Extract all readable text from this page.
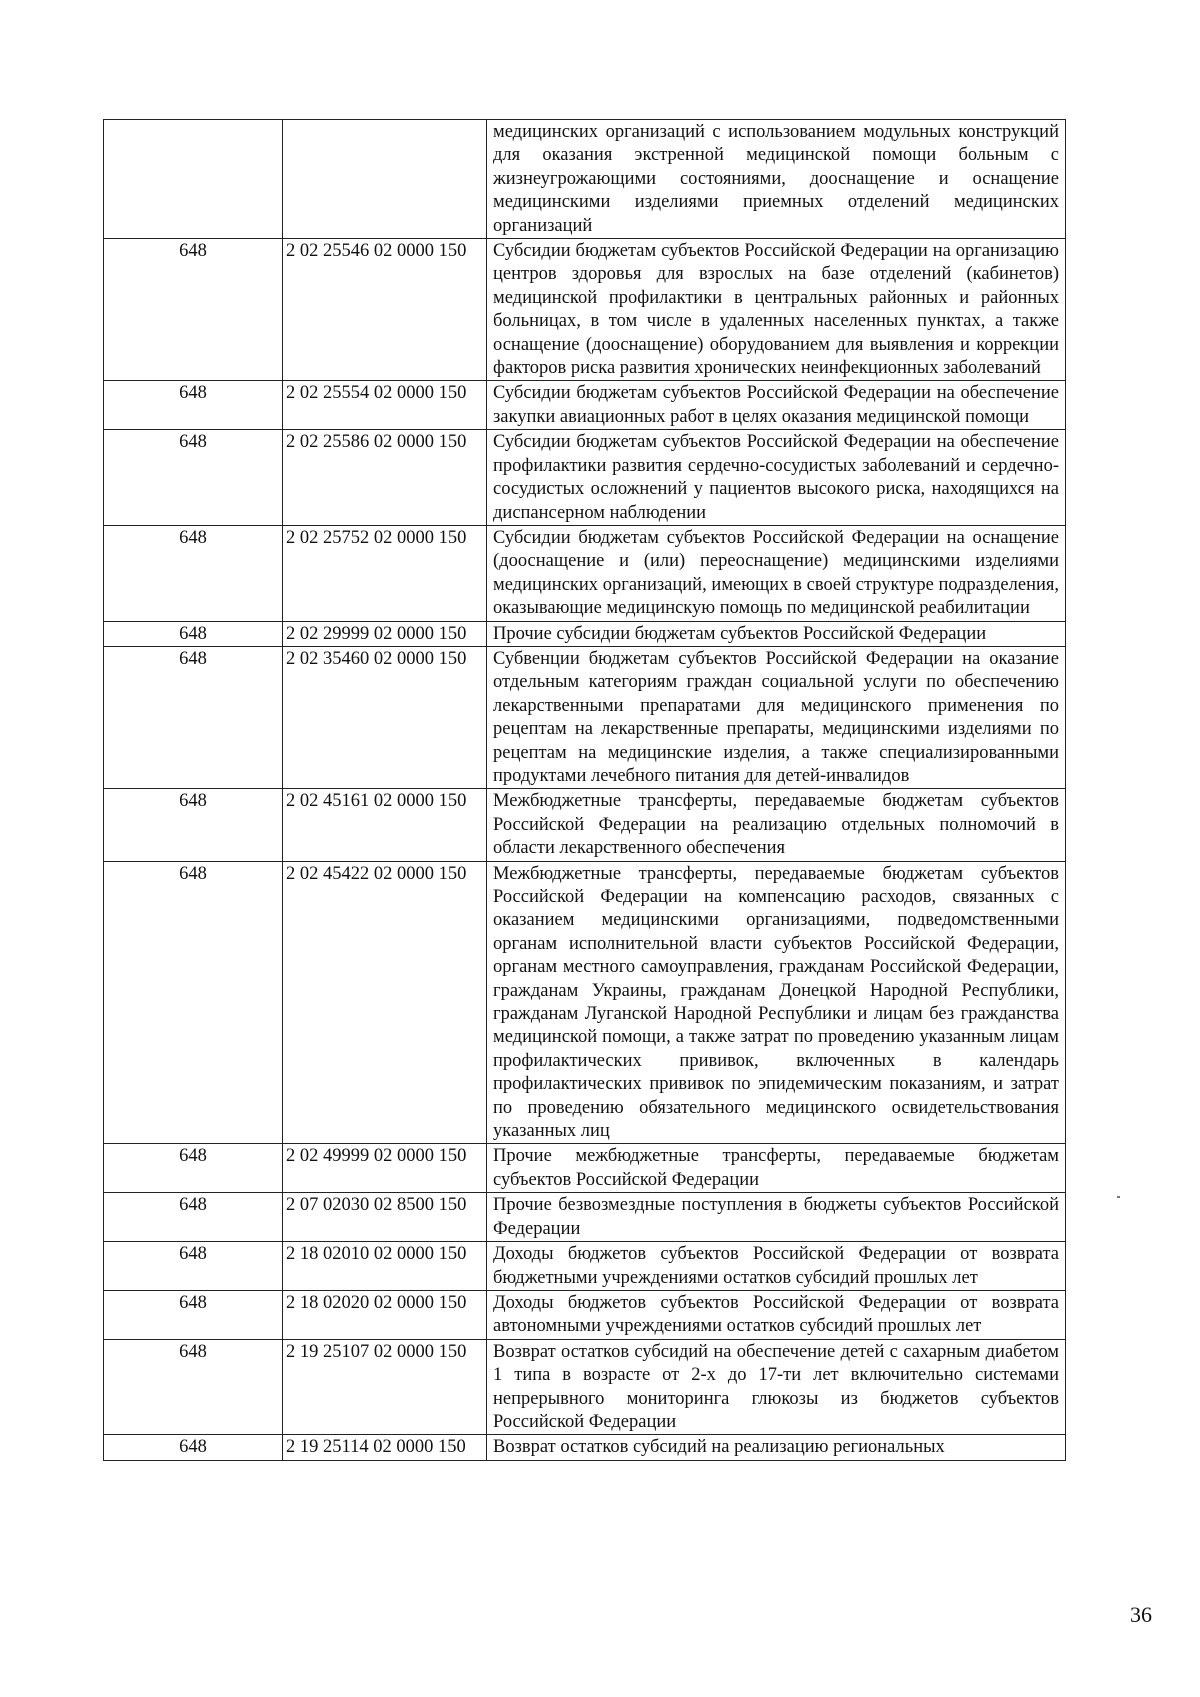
		медицинских организаций с использованием модульных конструкций для оказания экстренной медицинской помощи больным с жизнеугрожающими состояниями, дооснащение и оснащение медицинскими изделиями приемных отделений медицинских организаций
648	2 02 25546 02 0000 150	Субсидии бюджетам субъектов Российской Федерации на организацию центров здоровья для взрослых на базе отделений (кабинетов) медицинской профилактики в центральных районных и районных больницах, в том числе в удаленных населенных пунктах, а также оснащение (дооснащение) оборудованием для выявления и коррекции факторов риска развития хронических неинфекционных заболеваний
648	2 02 25554 02 0000 150	Субсидии бюджетам субъектов Российской Федерации на обеспечение закупки авиационных работ в целях оказания медицинской помощи
648	2 02 25586 02 0000 150	Субсидии бюджетам субъектов Российской Федерации на обеспечение профилактики развития сердечно-сосудистых заболеваний и сердечно-сосудистых осложнений у пациентов высокого риска, находящихся на диспансерном наблюдении
648	2 02 25752 02 0000 150	Субсидии бюджетам субъектов Российской Федерации на оснащение (дооснащение и (или) переоснащение) медицинскими изделиями медицинских организаций, имеющих в своей структуре подразделения, оказывающие медицинскую помощь по медицинской реабилитации
648	2 02 29999 02 0000 150	Прочие субсидии бюджетам субъектов Российской Федерации
648	2 02 35460 02 0000 150	Субвенции бюджетам субъектов Российской Федерации на оказание отдельным категориям граждан социальной услуги по обеспечению лекарственными препаратами для медицинского применения по рецептам на лекарственные препараты, медицинскими изделиями по рецептам на медицинские изделия, а также специализированными продуктами лечебного питания для детей-инвалидов
648	2 02 45161 02 0000 150	Межбюджетные трансферты, передаваемые бюджетам субъектов Российской Федерации на реализацию отдельных полномочий в области лекарственного обеспечения
648	2 02 45422 02 0000 150	Межбюджетные трансферты, передаваемые бюджетам субъектов Российской Федерации на компенсацию расходов, связанных с оказанием медицинскими организациями, подведомственными органам исполнительной власти субъектов Российской Федерации, органам местного самоуправления, гражданам Российской Федерации, гражданам Украины, гражданам Донецкой Народной Республики, гражданам Луганской Народной Республики и лицам без гражданства медицинской помощи, а также затрат по проведению указанным лицам профилактических прививок, включенных в календарь профилактических прививок по эпидемическим показаниям, и затрат по проведению обязательного медицинского освидетельствования указанных лиц
648	2 02 49999 02 0000 150	Прочие межбюджетные трансферты, передаваемые бюджетам субъектов Российской Федерации
648	2 07 02030 02 8500 150	Прочие безвозмездные поступления в бюджеты субъектов Российской Федерации
648	2 18 02010 02 0000 150	Доходы бюджетов субъектов Российской Федерации от возврата бюджетными учреждениями остатков субсидий прошлых лет
648	2 18 02020 02 0000 150	Доходы бюджетов субъектов Российской Федерации от возврата автономными учреждениями остатков субсидий прошлых лет
648	2 19 25107 02 0000 150	Возврат остатков субсидий на обеспечение детей с сахарным диабетом 1 типа в возрасте от 2-х до 17-ти лет включительно системами непрерывного мониторинга глюкозы из бюджетов субъектов Российской Федерации
648	2 19 25114 02 0000 150	Возврат остатков субсидий на реализацию региональных
36
